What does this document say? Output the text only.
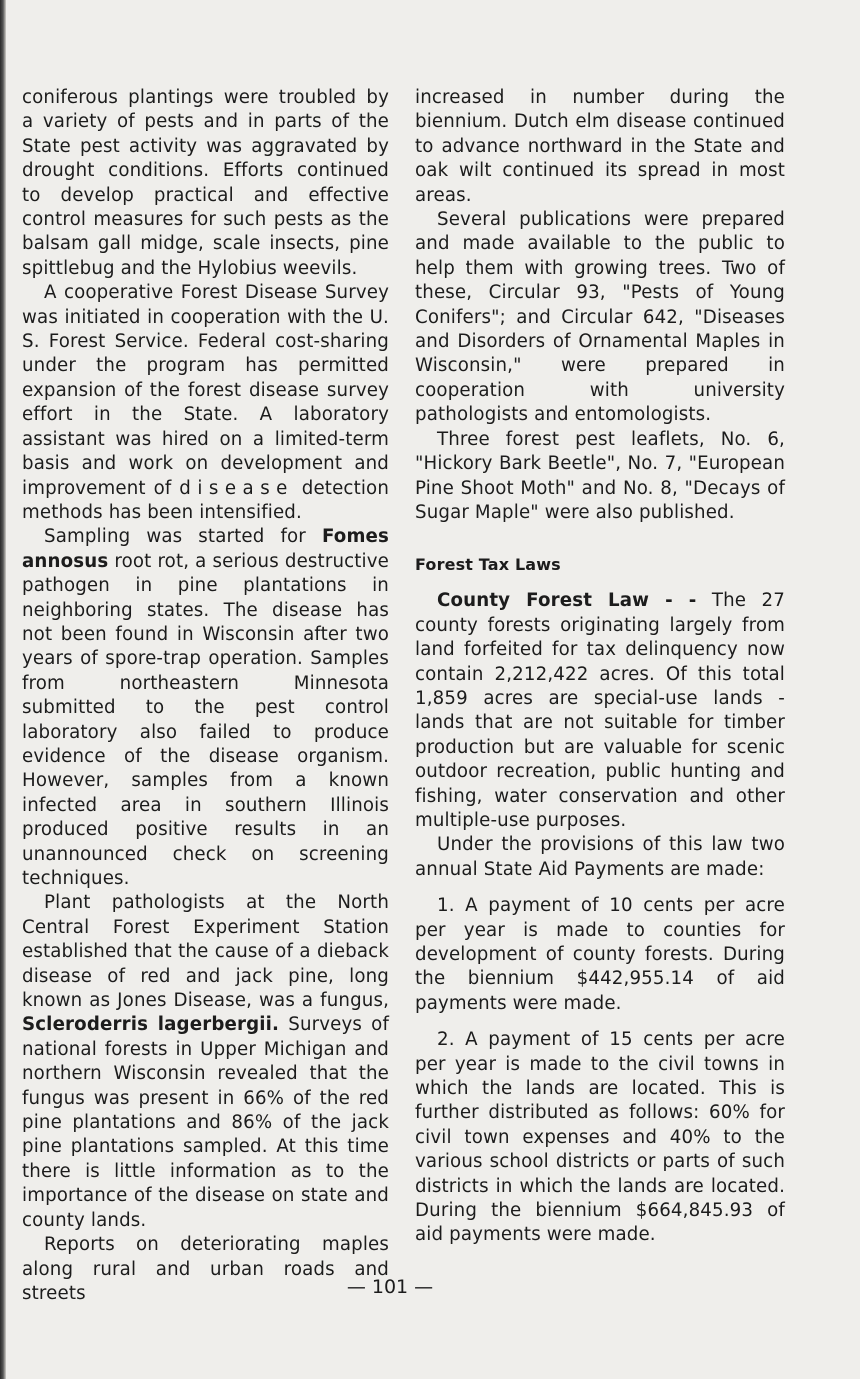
coniferous plantings were troubled by a variety of pests and in parts of the State pest activity was aggravated by drought conditions. Efforts continued to develop practical and effective control measures for such pests as the balsam gall midge, scale insects, pine spittlebug and the Hylobius weevils.

A cooperative Forest Disease Survey was initiated in cooperation with the U. S. Forest Service. Federal cost-sharing under the program has permitted expansion of the forest disease survey effort in the State. A laboratory assistant was hired on a limited-term basis and work on development and improvement of disease detection methods has been intensified.

Sampling was started for Fomes annosus root rot, a serious destructive pathogen in pine plantations in neighboring states. The disease has not been found in Wisconsin after two years of spore-trap operation. Samples from northeastern Minnesota submitted to the pest control laboratory also failed to produce evidence of the disease organism. However, samples from a known infected area in southern Illinois produced positive results in an unannounced check on screening techniques.

Plant pathologists at the North Central Forest Experiment Station established that the cause of a dieback disease of red and jack pine, long known as Jones Disease, was a fungus, Scleroderris lagerbergii. Surveys of national forests in Upper Michigan and northern Wisconsin revealed that the fungus was present in 66% of the red pine plantations and 86% of the jack pine plantations sampled. At this time there is little information as to the importance of the disease on state and county lands.

Reports on deteriorating maples along rural and urban roads and streets

increased in number during the biennium. Dutch elm disease continued to advance northward in the State and oak wilt continued its spread in most areas.

Several publications were prepared and made available to the public to help them with growing trees. Two of these, Circular 93, "Pests of Young Conifers"; and Circular 642, "Diseases and Disorders of Ornamental Maples in Wisconsin," were prepared in cooperation with university pathologists and entomologists.

Three forest pest leaflets, No. 6, "Hickory Bark Beetle", No. 7, "European Pine Shoot Moth" and No. 8, "Decays of Sugar Maple" were also published.

Forest Tax Laws

County Forest Law - - The 27 county forests originating largely from land forfeited for tax delinquency now contain 2,212,422 acres. Of this total 1,859 acres are special-use lands - lands that are not suitable for timber production but are valuable for scenic outdoor recreation, public hunting and fishing, water conservation and other multiple-use purposes.

Under the provisions of this law two annual State Aid Payments are made:

1. A payment of 10 cents per acre per year is made to counties for development of county forests. During the biennium $442,955.14 of aid payments were made.

2. A payment of 15 cents per acre per year is made to the civil towns in which the lands are located. This is further distributed as follows: 60% for civil town expenses and 40% to the various school districts or parts of such districts in which the lands are located. During the biennium $664,845.93 of aid payments were made.

— 101 —
